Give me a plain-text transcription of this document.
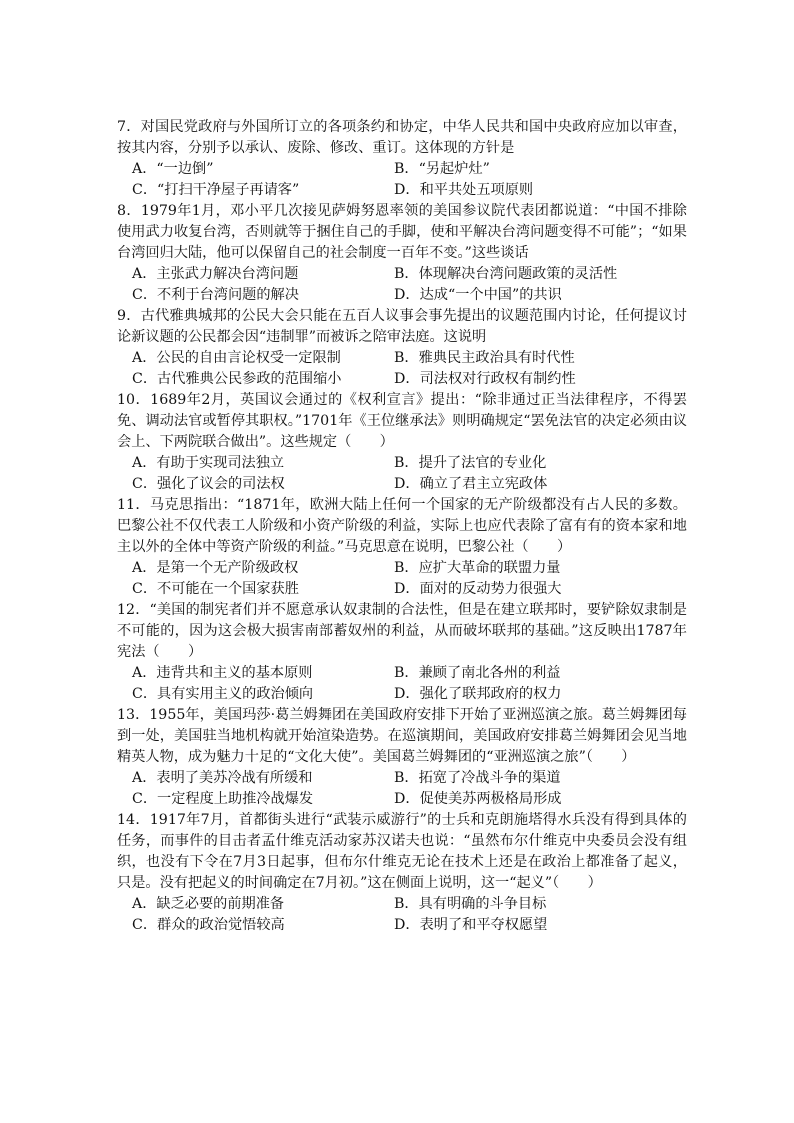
7．对国民党政府与外国所订立的各项条约和协定，中华人民共和国中央政府应加以审查，按其内容，分别予以承认、废除、修改、重订。这体现的方针是

A．“一边倒”	B．“另起炉灶”
C．“打扫干净屋子再请客”	D．和平共处五项原则

8．1979年1月，邓小平几次接见萨姆努恩率领的美国参议院代表团都说道：“中国不排除使用武力收复台湾，否则就等于捆住自己的手脚，使和平解决台湾问题变得不可能”；“如果台湾回归大陆，他可以保留自己的社会制度一百年不变。”这些谈话

A．主张武力解决台湾问题	B．体现解决台湾问题政策的灵活性
C．不利于台湾问题的解决	D．达成“一个中国”的共识

9．古代雅典城邦的公民大会只能在五百人议事会事先提出的议题范围内讨论，任何提议讨论新议题的公民都会因“违制罪”而被诉之陪审法庭。这说明

A．公民的自由言论权受一定限制	B．雅典民主政治具有时代性
C．古代雅典公民参政的范围缩小	D．司法权对行政权有制约性

10．1689年2月，英国议会通过的《权利宣言》提出：“除非通过正当法律程序，不得罢免、调动法官或暂停其职权。”1701年《王位继承法》则明确规定“罢免法官的决定必须由议会上、下两院联合做出”。这些规定（　　）

A．有助于实现司法独立	B．提升了法官的专业化
C．强化了议会的司法权	D．确立了君主立宪政体

11．马克思指出：“1871年，欧洲大陆上任何一个国家的无产阶级都没有占人民的多数。巴黎公社不仅代表工人阶级和小资产阶级的利益，实际上也应代表除了富有有的资本家和地主以外的全体中等资产阶级的利益。”马克思意在说明，巴黎公社（　　）

A．是第一个无产阶级政权	B．应扩大革命的联盟力量
C．不可能在一个国家获胜	D．面对的反动势力很强大

12．“美国的制宪者们并不愿意承认奴隶制的合法性，但是在建立联邦时，要铲除奴隶制是不可能的，因为这会极大损害南部蓄奴州的利益，从而破坏联邦的基础。”这反映出1787年宪法（　　）

A．违背共和主义的基本原则	B．兼顾了南北各州的利益
C．具有实用主义的政治倾向	D．强化了联邦政府的权力

13．1955年，美国玛莎·葛兰姆舞团在美国政府安排下开始了亚洲巡演之旅。葛兰姆舞团每到一处，美国驻当地机构就开始渲染造势。在巡演期间，美国政府安排葛兰姆舞团会见当地精英人物，成为魅力十足的“文化大使”。美国葛兰姆舞团的“亚洲巡演之旅”（　　）

A．表明了美苏冷战有所缓和	B．拓宽了冷战斗争的渠道
C．一定程度上助推冷战爆发	D．促使美苏两极格局形成

14．1917年7月，首都街头进行“武装示威游行”的士兵和克朗施塔得水兵没有得到具体的任务，而事件的目击者孟什维克活动家苏汉诺夫也说：“虽然布尔什维克中央委员会没有组织，也没有下令在7月3日起事，但布尔什维克无论在技术上还是在政治上都准备了起义，只是。没有把起义的时间确定在7月初。”这在侧面上说明，这一“起义”（　　）

A．缺乏必要的前期准备	B．具有明确的斗争目标
C．群众的政治觉悟较高	D．表明了和平夺权愿望
